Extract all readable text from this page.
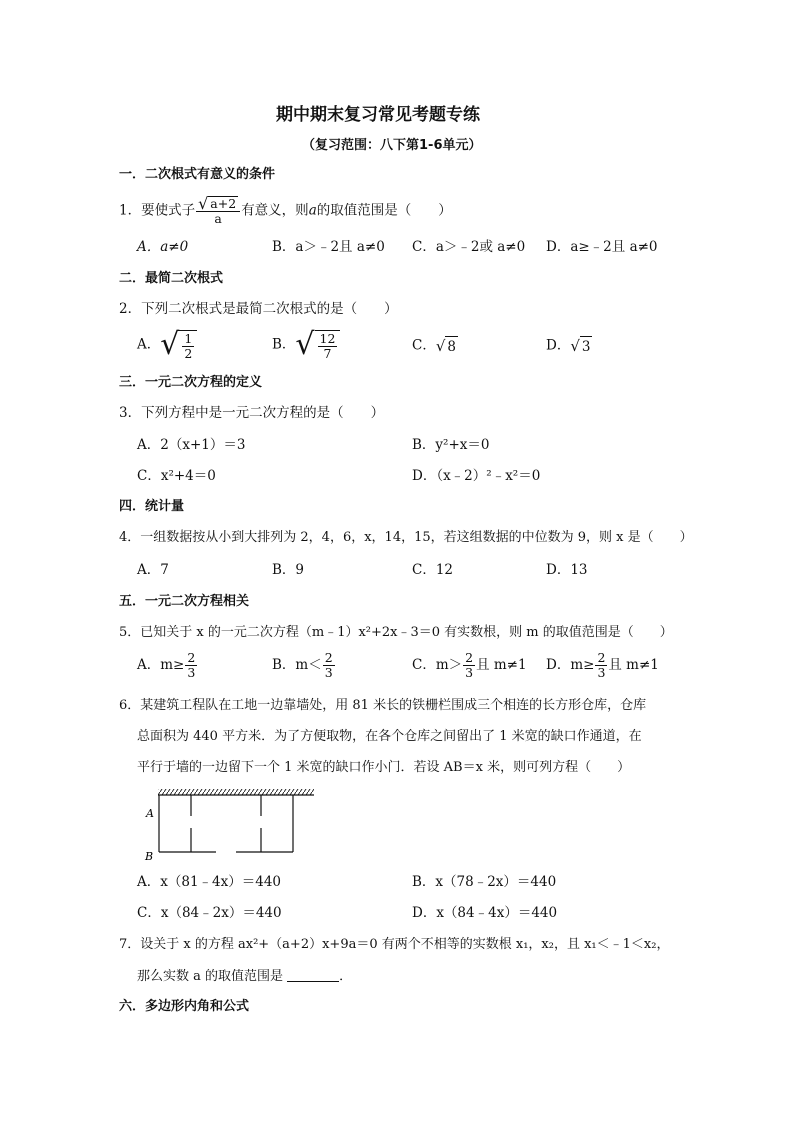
期中期末复习常见考题专练
（复习范围：八下第1-6单元）
一．二次根式有意义的条件
1．要使式子 $\frac{√ a+2}{a}$ 有意义，则a的取值范围是（　　）
A．a≠0	B．a＞﹣2且 a≠0 C．a＞﹣2或 a≠0 D．a≥﹣2且 a≠0
二．最简二次根式
2．下列二次根式是最简二次根式的是（　　）
A．√ $\frac{1}{2}$	B．√ $\frac{12}{7}$	C．√ 8	D．√ 3
三．一元二次方程的定义
3．下列方程中是一元二次方程的是（　　）
A．2（x+1）＝3	B．y²+x＝0
C．x²+4＝0	D．（x﹣2）²﹣x²＝0
四．统计量
4．一组数据按从小到大排列为 2，4，6，x，14，15，若这组数据的中位数为 9，则 x 是（　　）
A．7	B．9	C．12	D．13
五．一元二次方程相关
5．已知关于 x 的一元二次方程（m﹣1）x²+2x﹣3＝0 有实数根，则 m 的取值范围是（　　）
A．$m\ge \frac{2}{3}$	B．$m< \frac{2}{3}$	C．$m> \frac{2}{3}$ 且 m≠1 D．$m\ge \frac{2}{3}$ 且 m≠1
6．某建筑工程队在工地一边靠墙处，用 81 米长的铁栅栏围成三个相连的长方形仓库，仓库
总面积为 440 平方米．为了方便取物，在各个仓库之间留出了 1 米宽的缺口作通道，在
平行于墙的一边留下一个 1 米宽的缺口作小门．若设 AB＝x 米，则可列方程（　　）
A
B
A．x（81﹣4x）＝440	B．x（78﹣2x）＝440
C．x（84﹣2x）＝440	D．x（84﹣4x）＝440
7．设关于 x 的方程 ax²+（a+2）x+9a＝0 有两个不相等的实数根 x₁，x₂，且 x₁＜﹣1＜x₂，
那么实数 a 的取值范围是	．
六．多边形内角和公式
